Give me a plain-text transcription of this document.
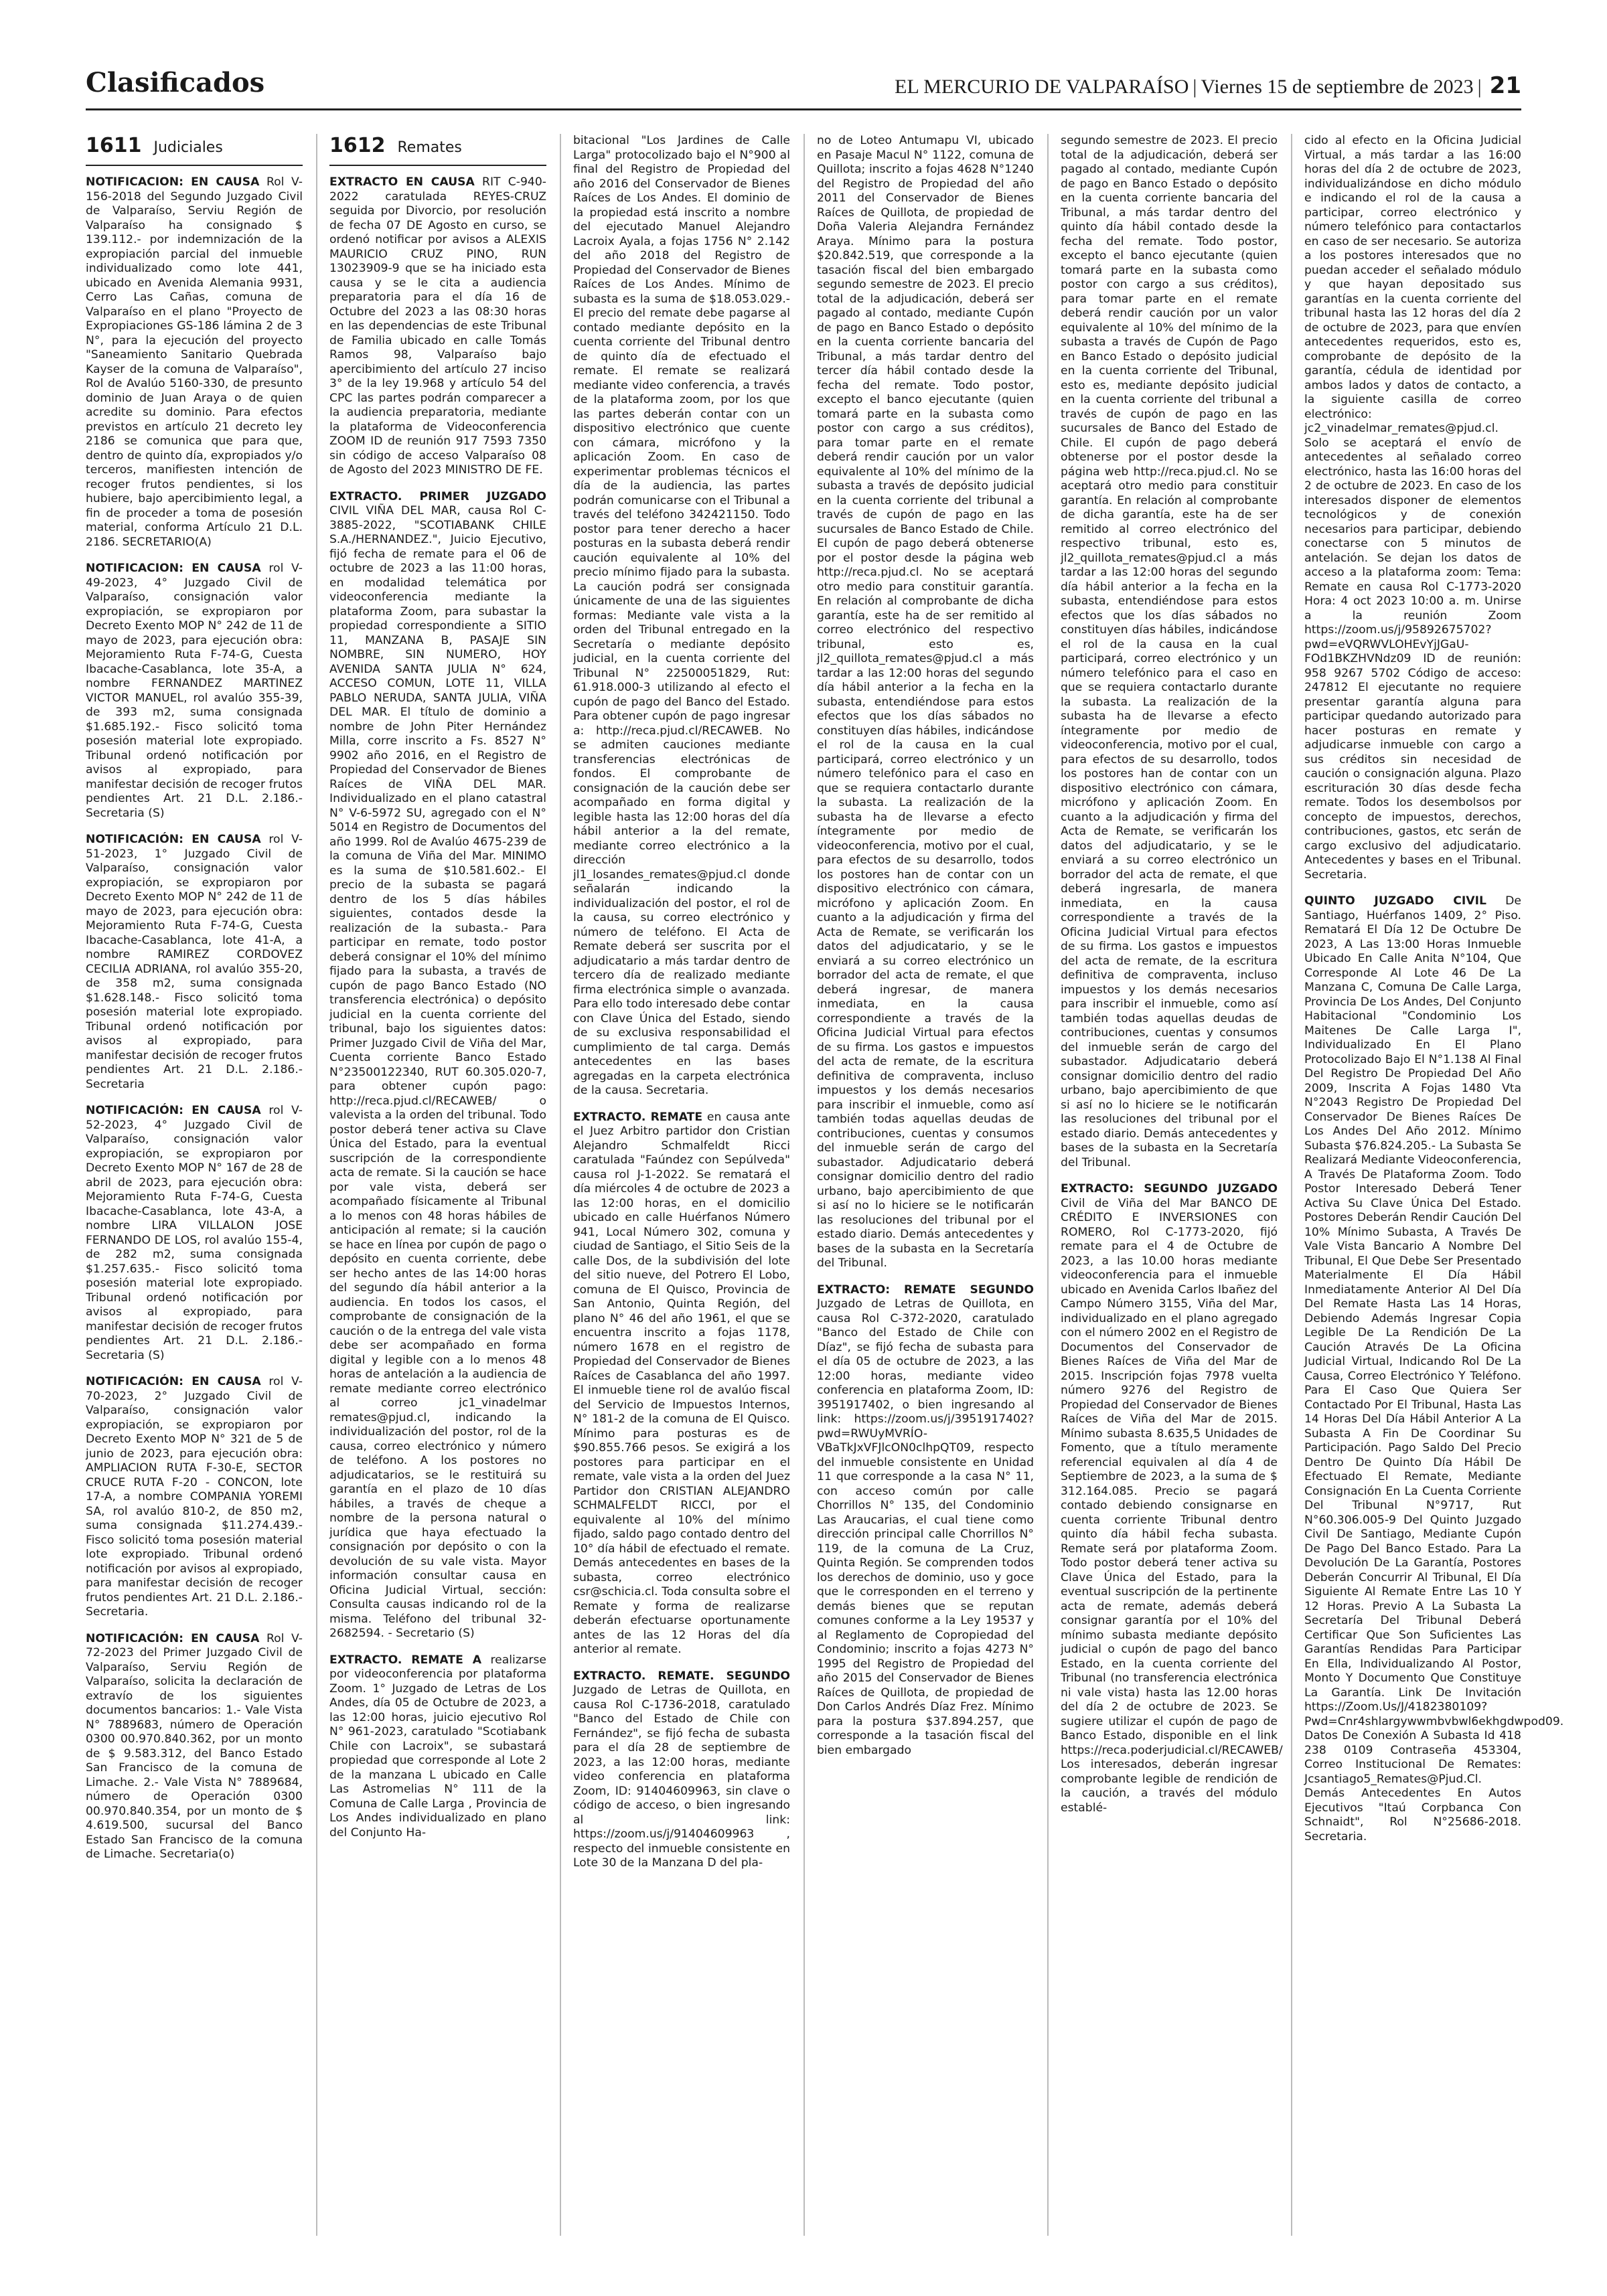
Clasificados	EL MERCURIO DE VALPARAÍSO | Viernes 15 de septiembre de 2023 | 21
1611 Judiciales

NOTIFICACION: EN CAUSA Rol V-156-2018 del Segundo Juzgado Civil de Valparaíso, Serviu Región de Valparaíso ha consignado $ 139.112.- por indemnización de la expropiación parcial del inmueble individualizado como lote 441, ubicado en Avenida Alemania 9931, Cerro Las Cañas, comuna de Valparaíso en el plano "Proyecto de Expropiaciones GS-186 lámina 2 de 3 N°, para la ejecución del proyecto "Saneamiento Sanitario Quebrada Kayser de la comuna de Valparaíso", Rol de Avalúo 5160-330, de presunto dominio de Juan Araya o de quien acredite su dominio. Para efectos previstos en artículo 21 decreto ley 2186 se comunica que para que, dentro de quinto día, expropiados y/o terceros, manifiesten intención de recoger frutos pendientes, si los hubiere, bajo apercibimiento legal, a fin de proceder a toma de posesión material, conforma Artículo 21 D.L. 2186. SECRETARIO(A)

NOTIFICACION: EN CAUSA rol V-49-2023, 4° Juzgado Civil de Valparaíso, consignación valor expropiación, se expropiaron por Decreto Exento MOP N° 242 de 11 de mayo de 2023, para ejecución obra: Mejoramiento Ruta F-74-G, Cuesta Ibacache-Casablanca, lote 35-A, a nombre FERNANDEZ MARTINEZ VICTOR MANUEL, rol avalúo 355-39, de 393 m2, suma consignada $1.685.192.- Fisco solicitó toma posesión material lote expropiado. Tribunal ordenó notificación por avisos al expropiado, para manifestar decisión de recoger frutos pendientes Art. 21 D.L. 2.186.- Secretaria (S)

NOTIFICACIÓN: EN CAUSA rol V-51-2023, 1° Juzgado Civil de Valparaíso, consignación valor expropiación, se expropiaron por Decreto Exento MOP N° 242 de 11 de mayo de 2023, para ejecución obra: Mejoramiento Ruta F-74-G, Cuesta Ibacache-Casablanca, lote 41-A, a nombre RAMIREZ CORDOVEZ CECILIA ADRIANA, rol avalúo 355-20, de 358 m2, suma consignada $1.628.148.- Fisco solicitó toma posesión material lote expropiado. Tribunal ordenó notificación por avisos al expropiado, para manifestar decisión de recoger frutos pendientes Art. 21 D.L. 2.186.- Secretaria

NOTIFICACIÓN: EN CAUSA rol V-52-2023, 4° Juzgado Civil de Valparaíso, consignación valor expropiación, se expropiaron por Decreto Exento MOP N° 167 de 28 de abril de 2023, para ejecución obra: Mejoramiento Ruta F-74-G, Cuesta Ibacache-Casablanca, lote 43-A, a nombre LIRA VILLALON JOSE FERNANDO DE LOS, rol avalúo 155-4, de 282 m2, suma consignada $1.257.635.- Fisco solicitó toma posesión material lote expropiado. Tribunal ordenó notificación por avisos al expropiado, para manifestar decisión de recoger frutos pendientes Art. 21 D.L. 2.186.- Secretaria (S)

NOTIFICACIÓN: EN CAUSA rol V-70-2023, 2° Juzgado Civil de Valparaíso, consignación valor expropiación, se expropiaron por Decreto Exento MOP N° 321 de 5 de junio de 2023, para ejecución obra: AMPLIACION RUTA F-30-E, SECTOR CRUCE RUTA F-20 - CONCON, lote 17-A, a nombre COMPANIA YOREMI SA, rol avalúo 810-2, de 850 m2, suma consignada $11.274.439.- Fisco solicitó toma posesión material lote expropiado. Tribunal ordenó notificación por avisos al expropiado, para manifestar decisión de recoger frutos pendientes Art. 21 D.L. 2.186.- Secretaria.

NOTIFICACIÓN: EN CAUSA Rol V-72-2023 del Primer Juzgado Civil de Valparaíso, Serviu Región de Valparaíso, solicita la declaración de extravío de los siguientes documentos bancarios: 1.- Vale Vista N° 7889683, número de Operación 0300 00.970.840.362, por un monto de $ 9.583.312, del Banco Estado San Francisco de la comuna de Limache. 2.- Vale Vista N° 7889684, número de Operación 0300 00.970.840.354, por un monto de $ 4.619.500, sucursal del Banco Estado San Francisco de la comuna de Limache. Secretaria(o)

1612 Remates

EXTRACTO EN CAUSA RIT C-940-2022 caratulada REYES-CRUZ seguida por Divorcio, por resolución de fecha 07 DE Agosto en curso, se ordenó notificar por avisos a ALEXIS MAURICIO CRUZ PINO, RUN 13023909-9 que se ha iniciado esta causa y se le cita a audiencia preparatoria para el día 16 de Octubre del 2023 a las 08:30 horas en las dependencias de este Tribunal de Familia ubicado en calle Tomás Ramos 98, Valparaíso bajo apercibimiento del artículo 27 inciso 3° de la ley 19.968 y artículo 54 del CPC las partes podrán comparecer a la audiencia preparatoria, mediante la plataforma de Videoconferencia ZOOM ID de reunión 917 7593 7350 sin código de acceso Valparaíso 08 de Agosto del 2023 MINISTRO DE FE.

EXTRACTO. PRIMER JUZGADO CIVIL VIÑA DEL MAR, causa Rol C-3885-2022, "SCOTIABANK CHILE S.A./HERNANDEZ.", Juicio Ejecutivo, fijó fecha de remate para el 06 de octubre de 2023 a las 11:00 horas, en modalidad telemática por videoconferencia mediante la plataforma Zoom, para subastar la propiedad correspondiente a SITIO 11, MANZANA B, PASAJE SIN NOMBRE, SIN NUMERO, HOY AVENIDA SANTA JULIA N° 624, ACCESO COMUN, LOTE 11, VILLA PABLO NERUDA, SANTA JULIA, VIÑA DEL MAR. El título de dominio a nombre de John Piter Hernández Milla, corre inscrito a Fs. 8527 N° 9902 año 2016, en el Registro de Propiedad del Conservador de Bienes Raíces de VIÑA DEL MAR. Individualizado en el plano catastral N° V-6-5972 SU, agregado con el N° 5014 en Registro de Documentos del año 1999. Rol de Avalúo 4675-239 de la comuna de Viña del Mar. MINIMO es la suma de $10.581.602.- El precio de la subasta se pagará dentro de los 5 días hábiles siguientes, contados desde la realización de la subasta.- Para participar en remate, todo postor deberá consignar el 10% del mínimo fijado para la subasta, a través de cupón de pago Banco Estado (NO transferencia electrónica) o depósito judicial en la cuenta corriente del tribunal, bajo los siguientes datos: Primer Juzgado Civil de Viña del Mar, Cuenta corriente Banco Estado N°23500122340, RUT 60.305.020-7, para obtener cupón pago: http://reca.pjud.cl/RECAWEB/ o valevista a la orden del tribunal. Todo postor deberá tener activa su Clave Única del Estado, para la eventual suscripción de la correspondiente acta de remate. Si la caución se hace por vale vista, deberá ser acompañado físicamente al Tribunal a lo menos con 48 horas hábiles de anticipación al remate; si la caución se hace en línea por cupón de pago o depósito en cuenta corriente, debe ser hecho antes de las 14:00 horas del segundo día hábil anterior a la audiencia. En todos los casos, el comprobante de consignación de la caución o de la entrega del vale vista debe ser acompañado en forma digital y legible con a lo menos 48 horas de antelación a la audiencia de remate mediante correo electrónico al correo jc1_vinadelmar remates@pjud.cl, indicando la individualización del postor, rol de la causa, correo electrónico y número de teléfono. A los postores no adjudicatarios, se le restituirá su garantía en el plazo de 10 días hábiles, a través de cheque a nombre de la persona natural o jurídica que haya efectuado la consignación por depósito o con la devolución de su vale vista. Mayor información consultar causa en Oficina Judicial Virtual, sección: Consulta causas indicando rol de la misma. Teléfono del tribunal 32-2682594. - Secretario (S)

EXTRACTO. REMATE A realizarse por videoconferencia por plataforma Zoom. 1° Juzgado de Letras de Los Andes, día 05 de Octubre de 2023, a las 12:00 horas, juicio ejecutivo Rol N° 961-2023, caratulado "Scotiabank Chile con Lacroix", se subastará propiedad que corresponde al Lote 2 de la manzana L ubicado en Calle Las Astromelias N° 111 de la Comuna de Calle Larga , Provincia de Los Andes individualizado en plano del Conjunto Ha-

bitacional "Los Jardines de Calle Larga" protocolizado bajo el N°900 al final del Registro de Propiedad del año 2016 del Conservador de Bienes Raíces de Los Andes. El dominio de la propiedad está inscrito a nombre del ejecutado Manuel Alejandro Lacroix Ayala, a fojas 1756 N° 2.142 del año 2018 del Registro de Propiedad del Conservador de Bienes Raíces de Los Andes. Mínimo de subasta es la suma de $18.053.029.- El precio del remate debe pagarse al contado mediante depósito en la cuenta corriente del Tribunal dentro de quinto día de efectuado el remate. El remate se realizará mediante video conferencia, a través de la plataforma zoom, por los que las partes deberán contar con un dispositivo electrónico que cuente con cámara, micrófono y la aplicación Zoom. En caso de experimentar problemas técnicos el día de la audiencia, las partes podrán comunicarse con el Tribunal a través del teléfono 342421150. Todo postor para tener derecho a hacer posturas en la subasta deberá rendir caución equivalente al 10% del precio mínimo fijado para la subasta. La caución podrá ser consignada únicamente de una de las siguientes formas: Mediante vale vista a la orden del Tribunal entregado en la Secretaría o mediante depósito judicial, en la cuenta corriente del Tribunal N° 22500051829, Rut: 61.918.000-3 utilizando al efecto el cupón de pago del Banco del Estado. Para obtener cupón de pago ingresar a: http://reca.pjud.cl/RECAWEB. No se admiten cauciones mediante transferencias electrónicas de fondos. El comprobante de consignación de la caución debe ser acompañado en forma digital y legible hasta las 12:00 horas del día hábil anterior a la del remate, mediante correo electrónico a la dirección jl1_losandes_remates@pjud.cl donde señalarán indicando la individualización del postor, el rol de la causa, su correo electrónico y número de teléfono. El Acta de Remate deberá ser suscrita por el adjudicatario a más tardar dentro de tercero día de realizado mediante firma electrónica simple o avanzada. Para ello todo interesado debe contar con Clave Única del Estado, siendo de su exclusiva responsabilidad el cumplimiento de tal carga. Demás antecedentes en las bases agregadas en la carpeta electrónica de la causa. Secretaria.

EXTRACTO. REMATE en causa ante el Juez Arbitro partidor don Cristian Alejandro Schmalfeldt Ricci caratulada "Faúndez con Sepúlveda" causa rol J-1-2022. Se rematará el día miércoles 4 de octubre de 2023 a las 12:00 horas, en el domicilio ubicado en calle Huérfanos Número 941, Local Número 302, comuna y ciudad de Santiago, el Sitio Seis de la calle Dos, de la subdivisión del lote del sitio nueve, del Potrero El Lobo, comuna de El Quisco, Provincia de San Antonio, Quinta Región, del plano N° 46 del año 1961, el que se encuentra inscrito a fojas 1178, número 1678 en el registro de Propiedad del Conservador de Bienes Raíces de Casablanca del año 1997. El inmueble tiene rol de avalúo fiscal del Servicio de Impuestos Internos, N° 181-2 de la comuna de El Quisco. Mínimo para posturas es de $90.855.766 pesos. Se exigirá a los postores para participar en el remate, vale vista a la orden del Juez Partidor don CRISTIAN ALEJANDRO SCHMALFELDT RICCI, por el equivalente al 10% del mínimo fijado, saldo pago contado dentro del 10° día hábil de efectuado el remate. Demás antecedentes en bases de la subasta, correo electrónico csr@schicia.cl. Toda consulta sobre el Remate y forma de realizarse deberán efectuarse oportunamente antes de las 12 Horas del día anterior al remate.

EXTRACTO. REMATE. SEGUNDO Juzgado de Letras de Quillota, en causa Rol C-1736-2018, caratulado "Banco del Estado de Chile con Fernández", se fijó fecha de subasta para el día 28 de septiembre de 2023, a las 12:00 horas, mediante video conferencia en plataforma Zoom, ID: 91404609963, sin clave o código de acceso, o bien ingresando al link: https://zoom.us/j/91404609963 , respecto del inmueble consistente en Lote 30 de la Manzana D del pla-

no de Loteo Antumapu VI, ubicado en Pasaje Macul N° 1122, comuna de Quillota; inscrito a fojas 4628 N°1240 del Registro de Propiedad del año 2011 del Conservador de Bienes Raíces de Quillota, de propiedad de Doña Valeria Alejandra Fernández Araya. Mínimo para la postura $20.842.519, que corresponde a la tasación fiscal del bien embargado segundo semestre de 2023. El precio total de la adjudicación, deberá ser pagado al contado, mediante Cupón de pago en Banco Estado o depósito en la cuenta corriente bancaria del Tribunal, a más tardar dentro del tercer día hábil contado desde la fecha del remate. Todo postor, excepto el banco ejecutante (quien tomará parte en la subasta como postor con cargo a sus créditos), para tomar parte en el remate deberá rendir caución por un valor equivalente al 10% del mínimo de la subasta a través de depósito judicial en la cuenta corriente del tribunal a través de cupón de pago en las sucursales de Banco Estado de Chile. El cupón de pago deberá obtenerse por el postor desde la página web http://reca.pjud.cl. No se aceptará otro medio para constituir garantía. En relación al comprobante de dicha garantía, este ha de ser remitido al correo electrónico del respectivo tribunal, esto es, jl2_quillota_remates@pjud.cl a más tardar a las 12:00 horas del segundo día hábil anterior a la fecha en la subasta, entendiéndose para estos efectos que los días sábados no constituyen días hábiles, indicándose el rol de la causa en la cual participará, correo electrónico y un número telefónico para el caso en que se requiera contactarlo durante la subasta. La realización de la subasta ha de llevarse a efecto íntegramente por medio de videoconferencia, motivo por el cual, para efectos de su desarrollo, todos los postores han de contar con un dispositivo electrónico con cámara, micrófono y aplicación Zoom. En cuanto a la adjudicación y firma del Acta de Remate, se verificarán los datos del adjudicatario, y se le enviará a su correo electrónico un borrador del acta de remate, el que deberá ingresar, de manera inmediata, en la causa correspondiente a través de la Oficina Judicial Virtual para efectos de su firma. Los gastos e impuestos del acta de remate, de la escritura definitiva de compraventa, incluso impuestos y los demás necesarios para inscribir el inmueble, como así también todas aquellas deudas de contribuciones, cuentas y consumos del inmueble serán de cargo del subastador. Adjudicatario deberá consignar domicilio dentro del radio urbano, bajo apercibimiento de que si así no lo hiciere se le notificarán las resoluciones del tribunal por el estado diario. Demás antecedentes y bases de la subasta en la Secretaría del Tribunal.

EXTRACTO: REMATE SEGUNDO Juzgado de Letras de Quillota, en causa Rol C-372-2020, caratulado "Banco del Estado de Chile con Díaz", se fijó fecha de subasta para el día 05 de octubre de 2023, a las 12:00 horas, mediante video conferencia en plataforma Zoom, ID: 3951917402, o bien ingresando al link: https://zoom.us/j/3951917402?pwd=RWUyMVRÍO-VBaTkJxVFJlcON0clhpQT09, respecto del inmueble consistente en Unidad 11 que corresponde a la casa N° 11, con acceso común por calle Chorrillos N° 135, del Condominio Las Araucarias, el cual tiene como dirección principal calle Chorrillos N° 119, de la comuna de La Cruz, Quinta Región. Se comprenden todos los derechos de dominio, uso y goce que le corresponden en el terreno y demás bienes que se reputan comunes conforme a la Ley 19537 y al Reglamento de Copropiedad del Condominio; inscrito a fojas 4273 N° 1995 del Registro de Propiedad del año 2015 del Conservador de Bienes Raíces de Quillota, de propiedad de Don Carlos Andrés Díaz Frez. Mínimo para la postura $37.894.257, que corresponde a la tasación fiscal del bien embargado

segundo semestre de 2023. El precio total de la adjudicación, deberá ser pagado al contado, mediante Cupón de pago en Banco Estado o depósito en la cuenta corriente bancaria del Tribunal, a más tardar dentro del quinto día hábil contado desde la fecha del remate. Todo postor, excepto el banco ejecutante (quien tomará parte en la subasta como postor con cargo a sus créditos), para tomar parte en el remate deberá rendir caución por un valor equivalente al 10% del mínimo de la subasta a través de Cupón de Pago en Banco Estado o depósito judicial en la cuenta corriente del Tribunal, esto es, mediante depósito judicial en la cuenta corriente del tribunal a través de cupón de pago en las sucursales de Banco del Estado de Chile. El cupón de pago deberá obtenerse por el postor desde la página web http://reca.pjud.cl. No se aceptará otro medio para constituir garantía. En relación al comprobante de dicha garantía, este ha de ser remitido al correo electrónico del respectivo tribunal, esto es, jl2_quillota_remates@pjud.cl a más tardar a las 12:00 horas del segundo día hábil anterior a la fecha en la subasta, entendiéndose para estos efectos que los días sábados no constituyen días hábiles, indicándose el rol de la causa en la cual participará, correo electrónico y un número telefónico para el caso en que se requiera contactarlo durante la subasta. La realización de la subasta ha de llevarse a efecto íntegramente por medio de videoconferencia, motivo por el cual, para efectos de su desarrollo, todos los postores han de contar con un dispositivo electrónico con cámara, micrófono y aplicación Zoom. En cuanto a la adjudicación y firma del Acta de Remate, se verificarán los datos del adjudicatario, y se le enviará a su correo electrónico un borrador del acta de remate, el que deberá ingresarla, de manera inmediata, en la causa correspondiente a través de la Oficina Judicial Virtual para efectos de su firma. Los gastos e impuestos del acta de remate, de la escritura definitiva de compraventa, incluso impuestos y los demás necesarios para inscribir el inmueble, como así también todas aquellas deudas de contribuciones, cuentas y consumos del inmueble serán de cargo del subastador. Adjudicatario deberá consignar domicilio dentro del radio urbano, bajo apercibimiento de que si así no lo hiciere se le notificarán las resoluciones del tribunal por el estado diario. Demás antecedentes y bases de la subasta en la Secretaría del Tribunal.

EXTRACTO: SEGUNDO JUZGADO Civil de Viña del Mar BANCO DE CRÉDITO E INVERSIONES con ROMERO, Rol C-1773-2020, fijó remate para el 4 de Octubre de 2023, a las 10.00 horas mediante videoconferencia para el inmueble ubicado en Avenida Carlos Ibañez del Campo Número 3155, Viña del Mar, individualizado en el plano agregado con el número 2002 en el Registro de Documentos del Conservador de Bienes Raíces de Viña del Mar de 2015. Inscripción fojas 7978 vuelta número 9276 del Registro de Propiedad del Conservador de Bienes Raíces de Viña del Mar de 2015. Mínimo subasta 8.635,5 Unidades de Fomento, que a título meramente referencial equivalen al día 4 de Septiembre de 2023, a la suma de $ 312.164.085. Precio se pagará contado debiendo consignarse en cuenta corriente Tribunal dentro quinto día hábil fecha subasta. Remate será por plataforma Zoom. Todo postor deberá tener activa su Clave Única del Estado, para la eventual suscripción de la pertinente acta de remate, además deberá consignar garantía por el 10% del mínimo subasta mediante depósito judicial o cupón de pago del banco Estado, en la cuenta corriente del Tribunal (no transferencia electrónica ni vale vista) hasta las 12.00 horas del día 2 de octubre de 2023. Se sugiere utilizar el cupón de pago de Banco Estado, disponible en el link https://reca.poderjudicial.cl/RECAWEB/ Los interesados, deberán ingresar comprobante legible de rendición de la caución, a través del módulo establé-

cido al efecto en la Oficina Judicial Virtual, a más tardar a las 16:00 horas del día 2 de octubre de 2023, individualizándose en dicho módulo e indicando el rol de la causa a participar, correo electrónico y número telefónico para contactarlos en caso de ser necesario. Se autoriza a los postores interesados que no puedan acceder el señalado módulo y que hayan depositado sus garantías en la cuenta corriente del tribunal hasta las 12 horas del día 2 de octubre de 2023, para que envíen antecedentes requeridos, esto es, comprobante de depósito de la garantía, cédula de identidad por ambos lados y datos de contacto, a la siguiente casilla de correo electrónico: jc2_vinadelmar_remates@pjud.cl. Solo se aceptará el envío de antecedentes al señalado correo electrónico, hasta las 16:00 horas del 2 de octubre de 2023. En caso de los interesados disponer de elementos tecnológicos y de conexión necesarios para participar, debiendo conectarse con 5 minutos de antelación. Se dejan los datos de acceso a la plataforma zoom: Tema: Remate en causa Rol C-1773-2020 Hora: 4 oct 2023 10:00 a. m. Unirse a la reunión Zoom https://zoom.us/j/95892675702?pwd=eVQRWVLOHEvYjJGaU-FOd1BKZHVNdz09 ID de reunión: 958 9267 5702 Código de acceso: 247812 El ejecutante no requiere presentar garantía alguna para participar quedando autorizado para hacer posturas en remate y adjudicarse inmueble con cargo a sus créditos sin necesidad de caución o consignación alguna. Plazo escrituración 30 días desde fecha remate. Todos los desembolsos por concepto de impuestos, derechos, contribuciones, gastos, etc serán de cargo exclusivo del adjudicatario. Antecedentes y bases en el Tribunal. Secretaria.

QUINTO JUZGADO CIVIL De Santiago, Huérfanos 1409, 2° Piso. Rematará El Día 12 De Octubre De 2023, A Las 13:00 Horas Inmueble Ubicado En Calle Anita N°104, Que Corresponde Al Lote 46 De La Manzana C, Comuna De Calle Larga, Provincia De Los Andes, Del Conjunto Habitacional "Condominio Los Maitenes De Calle Larga I", Individualizado En El Plano Protocolizado Bajo El N°1.138 Al Final Del Registro De Propiedad Del Año 2009, Inscrita A Fojas 1480 Vta N°2043 Registro De Propiedad Del Conservador De Bienes Raíces De Los Andes Del Año 2012. Mínimo Subasta $76.824.205.- La Subasta Se Realizará Mediante Videoconferencia, A Través De Plataforma Zoom. Todo Postor Interesado Deberá Tener Activa Su Clave Única Del Estado. Postores Deberán Rendir Caución Del 10% Mínimo Subasta, A Través De Vale Vista Bancario A Nombre Del Tribunal, El Que Debe Ser Presentado Materialmente El Día Hábil Inmediatamente Anterior Al Del Día Del Remate Hasta Las 14 Horas, Debiendo Además Ingresar Copia Legible De La Rendición De La Caución Através De La Oficina Judicial Virtual, Indicando Rol De La Causa, Correo Electrónico Y Teléfono. Para El Caso Que Quiera Ser Contactado Por El Tribunal, Hasta Las 14 Horas Del Día Hábil Anterior A La Subasta A Fin De Coordinar Su Participación. Pago Saldo Del Precio Dentro De Quinto Día Hábil De Efectuado El Remate, Mediante Consignación En La Cuenta Corriente Del Tribunal N°9717, Rut N°60.306.005-9 Del Quinto Juzgado Civil De Santiago, Mediante Cupón De Pago Del Banco Estado. Para La Devolución De La Garantía, Postores Deberán Concurrir Al Tribunal, El Día Siguiente Al Remate Entre Las 10 Y 12 Horas. Previo A La Subasta La Secretaría Del Tribunal Deberá Certificar Que Son Suficientes Las Garantías Rendidas Para Participar En Ella, Individualizando Al Postor, Monto Y Documento Que Constituye La Garantía. Link De Invitación https://Zoom.Us/J/4182380109?Pwd=Cnr4shlargywwmbvbwl6ekhgdwpod09. Datos De Conexión A Subasta Id 418 238 0109 Contraseña 453304, Correo Institucional De Remates: Jcsantiago5_Remates@Pjud.Cl. Demás Antecedentes En Autos Ejecutivos "Itaú Corpbanca Con Schnaidt", Rol N°25686-2018. Secretaria.
